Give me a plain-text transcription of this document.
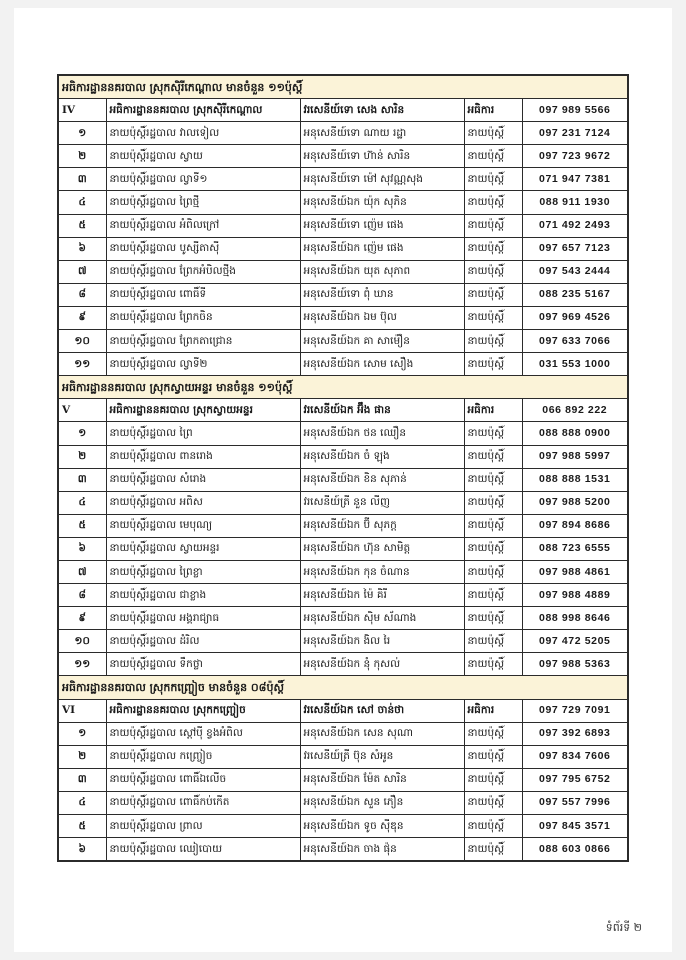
អធិការដ្ឋាននគរបាល ស្រុកស៊ិរីកេណ្ដាល មានចំនួន ១១ប៉ុស្ដិ៍				
IV	អធិការដ្ឋាននគរបាល ស្រុកស៊ិរីកេណ្ដាល	វរសេនីយ៍ទោ សេង សារិន	អធិការ	097 989 5566
១	នាយប៉ុស្ដិ៍រដ្ឋបាល វាលទៀល	អនុសេនីយ៍ទោ ណាយ រដ្ឋា	នាយប៉ុស្ដិ៍	097 231 7124
២	នាយប៉ុស្ដិ៍រដ្ឋបាល ស្វាយ	អនុសេនីយ៍ទោ ហ៊ាន់ សារិន	នាយប៉ុស្ដិ៍	097 723 9672
៣	នាយប៉ុស្ដិ៍រដ្ឋបាល ល្វាទី១	អនុសេនីយ៍ទោ ម៉ៅ សុវណ្ណសុង	នាយប៉ុស្ដិ៍	071 947 7381
៤	នាយប៉ុស្ដិ៍រដ្ឋបាល ព្រៃថ្មី	អនុសេនីយ៍ឯក យ៉ុក សុភិន	នាយប៉ុស្ដិ៍	088 911 1930
៥	នាយប៉ុស្ដិ៍រដ្ឋបាល អំពិលក្រៅ	អនុសេនីយ៍ទោ ញ៉េម ផេង	នាយប៉ុស្ដិ៍	071 492 2493
៦	នាយប៉ុស្ដិ៍រដ្ឋបាល បូស្សីតាស៊ី	អនុសេនីយ៍ឯក ញ៉េម ផេង	នាយប៉ុស្ដិ៍	097 657 7123
៧	នាយប៉ុស្ដិ៍រដ្ឋបាល ព្រែកអំបិលថ្មីង	អនុសេនីយ៍ឯក យុត សុភាព	នាយប៉ុស្ដិ៍	097 543 2444
៨	នាយប៉ុស្ដិ៍រដ្ឋបាល ពោធិ៍ទី	អនុសេនីយ៍ទោ ពុំ ឃាន	នាយប៉ុស្ដិ៍	088 235 5167
៩	នាយប៉ុស្ដិ៍រដ្ឋបាល ព្រែកចិន	អនុសេនីយ៍ឯក ឯម ប៊ុល	នាយប៉ុស្ដិ៍	097 969 4526
១០	នាយប៉ុស្ដិ៍រដ្ឋបាល ព្រែកតាជ្រោន	អនុសេនីយ៍ឯក គា សាម៉ឿន	នាយប៉ុស្ដិ៍	097 633 7066
១១	នាយប៉ុស្ដិ៍រដ្ឋបាល ល្វាទី២	អនុសេនីយ៍ឯក សោម សឿង	នាយប៉ុស្ដិ៍	031 553 1000
អធិការដ្ឋាននគរបាល ស្រុកស្វាយអន្ទរ មានចំនួន ១១ប៉ុស្ដិ៍				
V	អធិការដ្ឋាននគរបាល ស្រុកស្វាយអន្ទរ	វរសេនីយ៍ឯក អ៊ឹង ផាន	អធិការ	066 892 222
១	នាយប៉ុស្ដិ៍រដ្ឋបាល ព្រៃ	អនុសេនីយ៍ឯក ថន ឈឿន	នាយប៉ុស្ដិ៍	088 888 0900
២	នាយប៉ុស្ដិ៍រដ្ឋបាល ពានរោង	អនុសេនីយ៍ឯក ចំ ឡុង	នាយប៉ុស្ដិ៍	097 988 5997
៣	នាយប៉ុស្ដិ៍រដ្ឋបាល សំរោង	អនុសេនីយ៍ឯក ខិន សុភាន់	នាយប៉ុស្ដិ៍	088 888 1531
៤	នាយប៉ុស្ដិ៍រដ្ឋបាល អពិស	វរសេនីយ៍ត្រី នួន លីញ	នាយប៉ុស្ដិ៍	097 988 5200
៥	នាយប៉ុស្ដិ៍រដ្ឋបាល មេបុណ្យ	អនុសេនីយ៍ឯក ប៊ី សុភក្ដ	នាយប៉ុស្ដិ៍	097 894 8686
៦	នាយប៉ុស្ដិ៍រដ្ឋបាល ស្វាយអន្ទរ	អនុសេនីយ៍ឯក ហ៊ុន សាមិត្ដ	នាយប៉ុស្ដិ៍	088 723 6555
៧	នាយប៉ុស្ដិ៍រដ្ឋបាល ព្រៃខ្លា	អនុសេនីយ៍ឯក កុន ចំណាន	នាយប៉ុស្ដិ៍	097 988 4861
៨	នាយប៉ុស្ដិ៍រដ្ឋបាល ជាខ្លាង	អនុសេនីយ៍ឯក ម៉ៃ គិរី	នាយប៉ុស្ដិ៍	097 988 4889
៩	នាយប៉ុស្ដិ៍រដ្ឋបាល អង្គរាជ្យាធ	អនុសេនីយ៍ឯក ស៊ិម ស័ណាង	នាយប៉ុស្ដិ៍	088 998 8646
១០	នាយប៉ុស្ដិ៍រដ្ឋបាល ដំរិល	អនុសេនីយ៍ឯក ងិល រៃ	នាយប៉ុស្ដិ៍	097 472 5205
១១	នាយប៉ុស្ដិ៍រដ្ឋបាល ទឹកថ្លា	អនុសេនីយ៍ឯក នុំ កុសល់	នាយប៉ុស្ដិ៍	097 988 5363
អធិការដ្ឋាននគរបាល ស្រុកកញ្ច្រៀច មានចំនួន ០៨ប៉ុស្ដិ៍				
VI	អធិការដ្ឋាននគរបាល ស្រុកកញ្ច្រៀច	វរសេនីយ៍ឯក សៅ ចាន់ថា	អធិការ	097 729 7091
១	នាយប៉ុស្ដិ៍រដ្ឋបាល ស្ដៅប៉ី ខ្វងអំពិល	អនុសេនីយ៍ឯក សេន សុណា	នាយប៉ុស្ដិ៍	097 392 6893
២	នាយប៉ុស្ដិ៍រដ្ឋបាល កញ្ច្រៀច	វរសេនីយ៍ត្រី ប៊ុន សំអូន	នាយប៉ុស្ដិ៍	097 834 7606
៣	នាយប៉ុស្ដិ៍រដ្ឋបាល ពោធិ៍ឯលើច	អនុសេនីយ៍ឯក ម៉ែត សារិន	នាយប៉ុស្ដិ៍	097 795 6752
៤	នាយប៉ុស្ដិ៍រដ្ឋបាល ពោធិ៍កប់កើត	អនុសេនីយ៍ឯក សួន ភឿន	នាយប៉ុស្ដិ៍	097 557 7996
៥	នាយប៉ុស្ដិ៍រដ្ឋបាល ព្រាល	អនុសេនីយ៍ឯក ទូច ស៊ីឌុន	នាយប៉ុស្ដិ៍	097 845 3571
៦	នាយប៉ុស្ដិ៍រដ្ឋបាល ឈៀបោយ	អនុសេនីយ៍ឯក ចាង ផ៉ុន	នាយប៉ុស្ដិ៍	088 603 0866
ទំព័រទី ២
